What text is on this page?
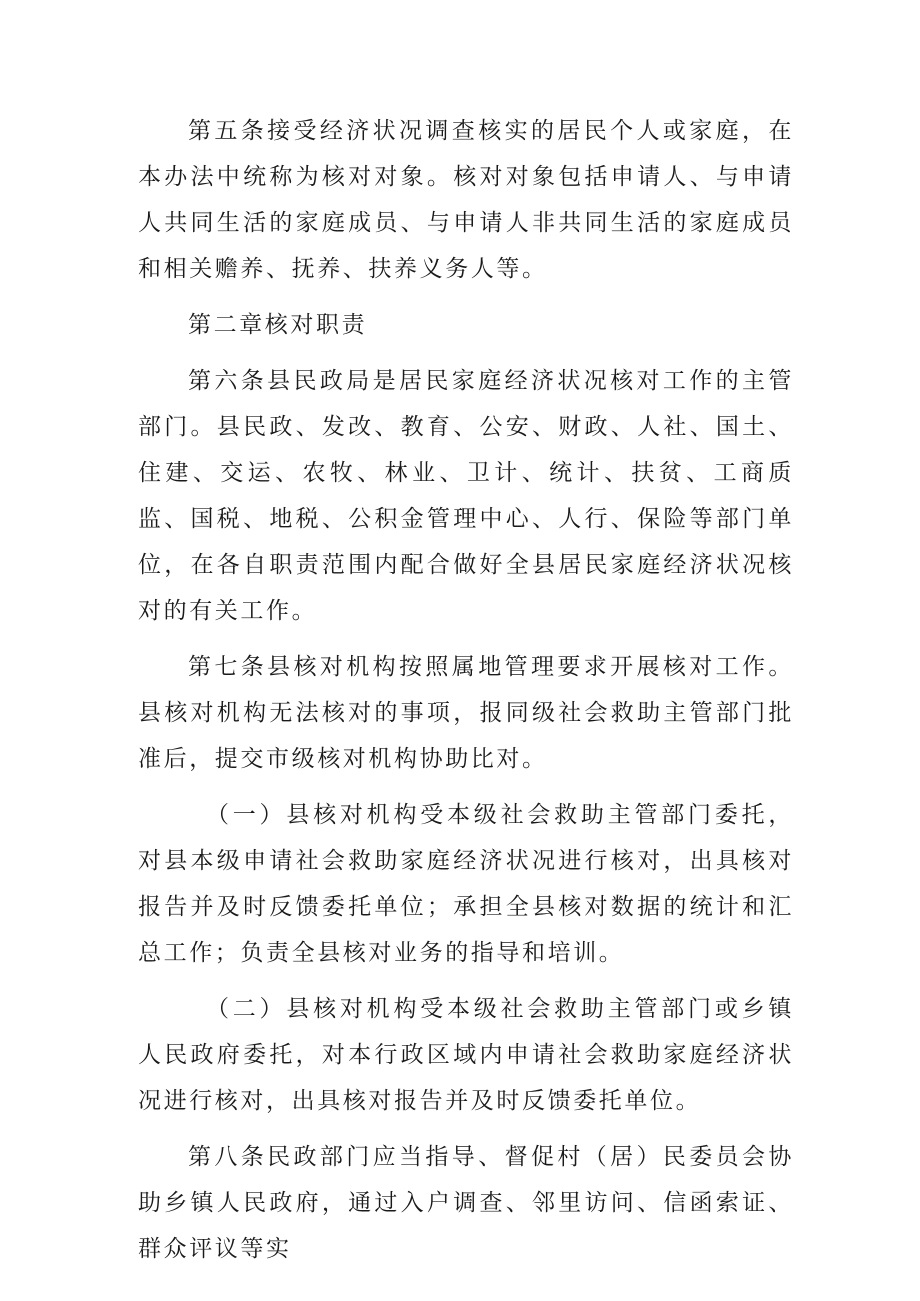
第五条接受经济状况调查核实的居民个人或家庭，在本办法中统称为核对对象。核对对象包括申请人、与申请人共同生活的家庭成员、与申请人非共同生活的家庭成员和相关赡养、抚养、扶养义务人等。

第二章核对职责

第六条县民政局是居民家庭经济状况核对工作的主管部门。县民政、发改、教育、公安、财政、人社、国土、住建、交运、农牧、林业、卫计、统计、扶贫、工商质监、国税、地税、公积金管理中心、人行、保险等部门单位，在各自职责范围内配合做好全县居民家庭经济状况核对的有关工作。

第七条县核对机构按照属地管理要求开展核对工作。县核对机构无法核对的事项，报同级社会救助主管部门批准后，提交市级核对机构协助比对。

（一）县核对机构受本级社会救助主管部门委托，对县本级申请社会救助家庭经济状况进行核对，出具核对报告并及时反馈委托单位；承担全县核对数据的统计和汇总工作；负责全县核对业务的指导和培训。

（二）县核对机构受本级社会救助主管部门或乡镇人民政府委托，对本行政区域内申请社会救助家庭经济状况进行核对，出具核对报告并及时反馈委托单位。

第八条民政部门应当指导、督促村（居）民委员会协助乡镇人民政府，通过入户调查、邻里访问、信函索证、群众评议等实
